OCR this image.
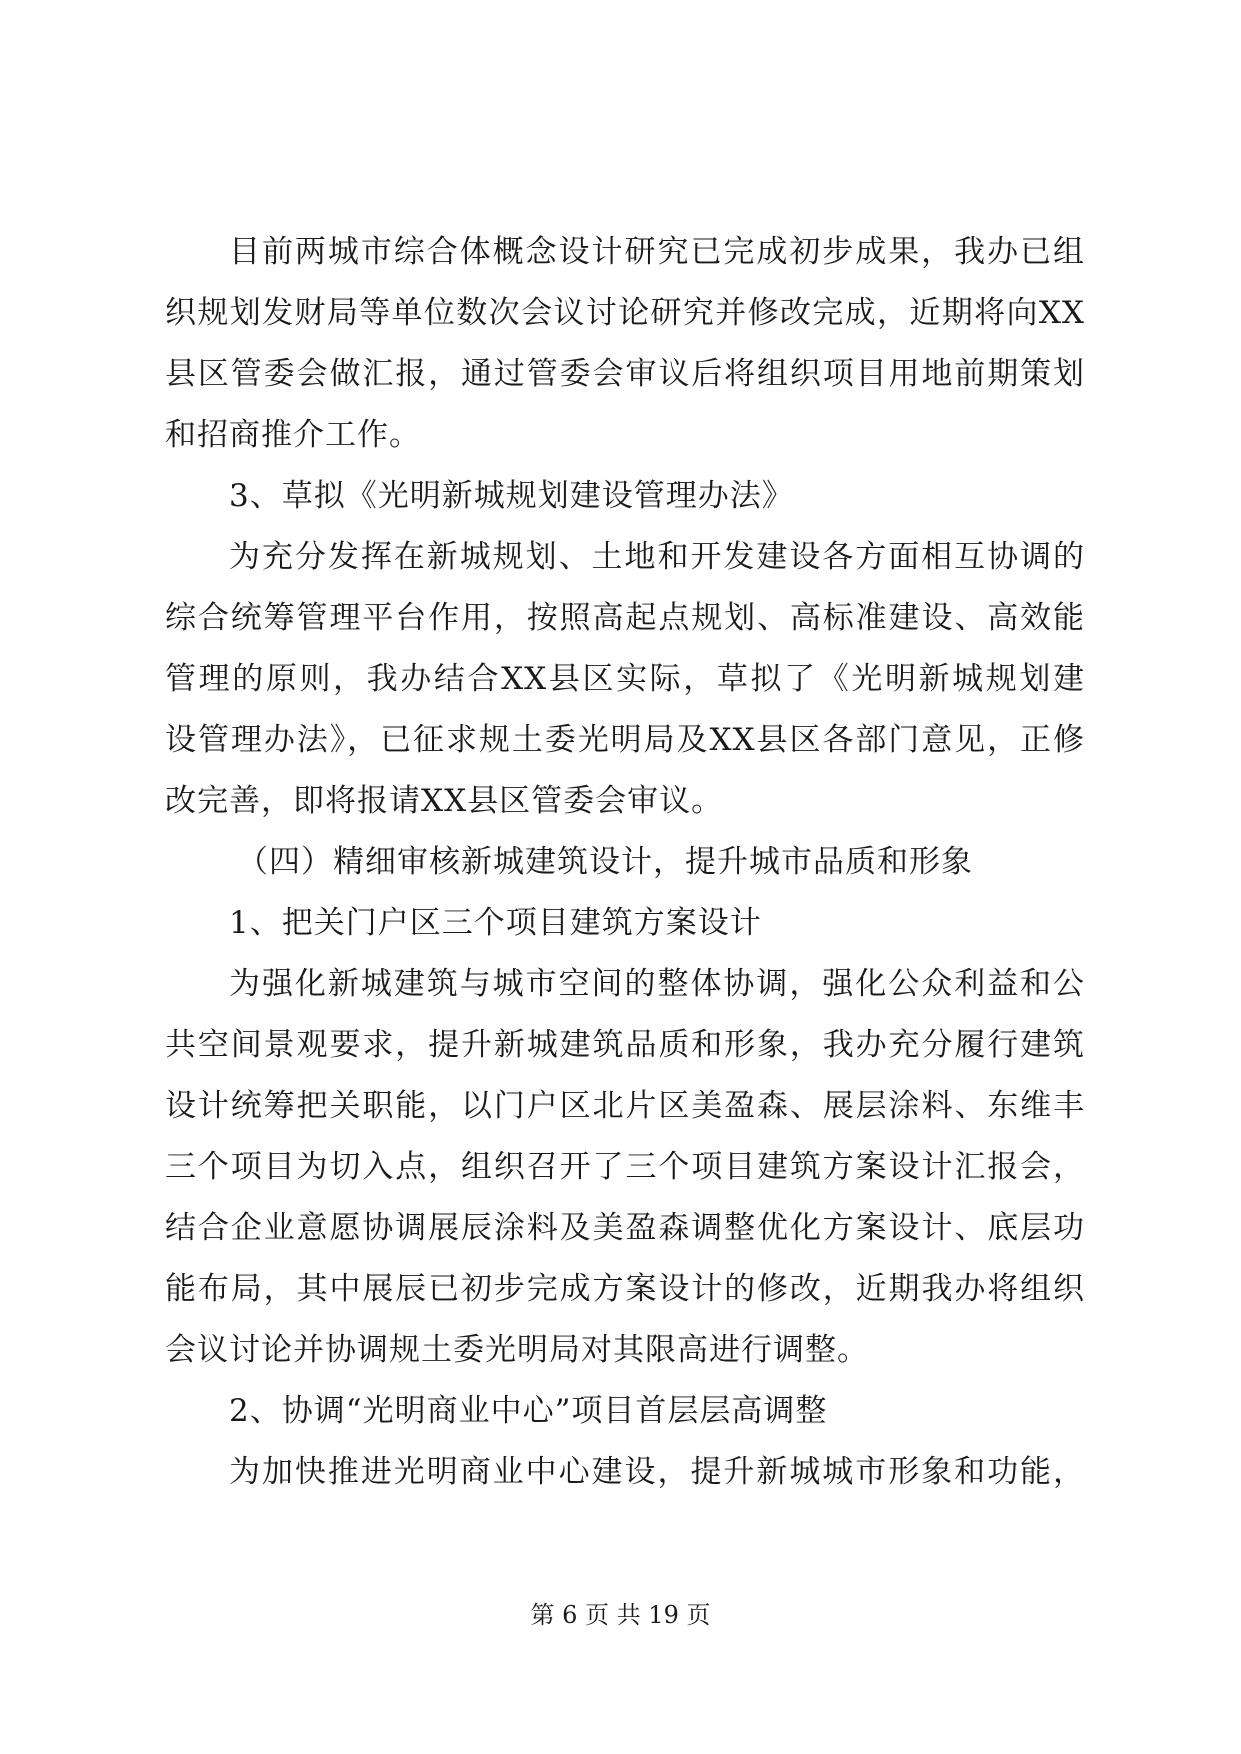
目前两城市综合体概念设计研究已完成初步成果，我办已组
织规划发财局等单位数次会议讨论研究并修改完成，近期将向XX
县区管委会做汇报，通过管委会审议后将组织项目用地前期策划
和招商推介工作。
3、草拟《光明新城规划建设管理办法》
为充分发挥在新城规划、土地和开发建设各方面相互协调的
综合统筹管理平台作用，按照高起点规划、高标准建设、高效能
管理的原则，我办结合XX县区实际，草拟了《光明新城规划建
设管理办法》，已征求规土委光明局及XX县区各部门意见，正修
改完善，即将报请XX县区管委会审议。
（四）精细审核新城建筑设计，提升城市品质和形象
1、把关门户区三个项目建筑方案设计
为强化新城建筑与城市空间的整体协调，强化公众利益和公
共空间景观要求，提升新城建筑品质和形象，我办充分履行建筑
设计统筹把关职能，以门户区北片区美盈森、展层涂料、东维丰
三个项目为切入点，组织召开了三个项目建筑方案设计汇报会，
结合企业意愿协调展辰涂料及美盈森调整优化方案设计、底层功
能布局，其中展辰已初步完成方案设计的修改，近期我办将组织
会议讨论并协调规土委光明局对其限高进行调整。
2、协调“光明商业中心”项目首层层高调整
为加快推进光明商业中心建设，提升新城城市形象和功能，
第 6 页 共 19 页
